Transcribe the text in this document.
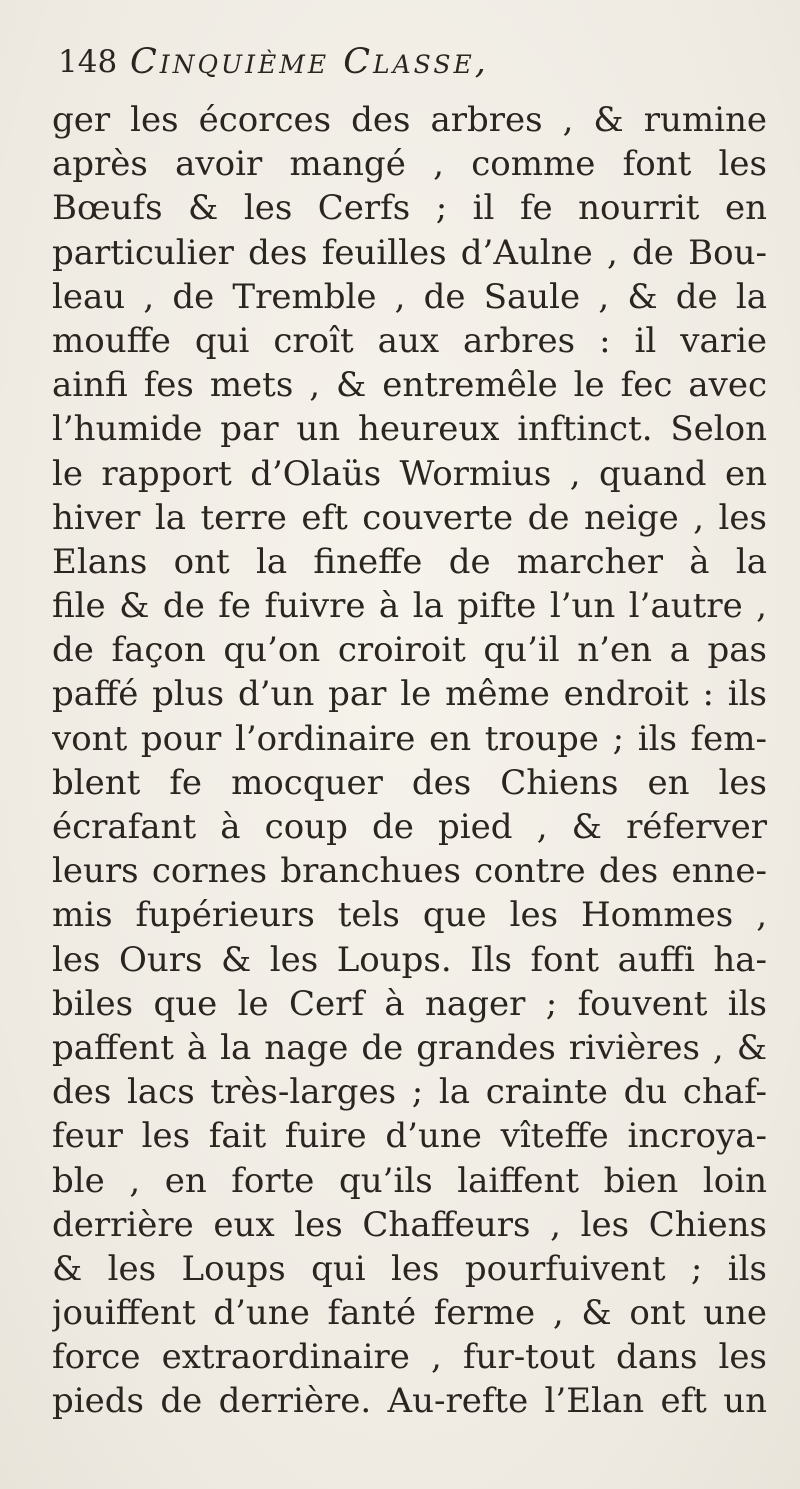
148 Cinquième Classe,
ger les écorces des arbres , & rumine
après avoir mangé , comme font les
Bœufs & les Cerfs ; il fe nourrit en
particulier des feuilles d’Aulne , de Bou-
leau , de Tremble , de Saule , & de la
mouffe qui croît aux arbres : il varie
ainfi fes mets , & entremêle le fec avec
l’humide par un heureux inftinct. Selon
le rapport d’Olaüs Wormius , quand en
hiver la terre eft couverte de neige , les
Elans ont la fineffe de marcher à la
file & de fe fuivre à la pifte l’un l’autre ,
de façon qu’on croiroit qu’il n’en a pas
paffé plus d’un par le même endroit : ils
vont pour l’ordinaire en troupe ; ils fem-
blent fe mocquer des Chiens en les
écrafant à coup de pied , & réferver
leurs cornes branchues contre des enne-
mis fupérieurs tels que les Hommes ,
les Ours & les Loups. Ils font auffi ha-
biles que le Cerf à nager ; fouvent ils
paffent à la nage de grandes rivières , &
des lacs très-larges ; la crainte du chaf-
feur les fait fuire d’une vîteffe incroya-
ble , en forte qu’ils laiffent bien loin
derrière eux les Chaffeurs , les Chiens
& les Loups qui les pourfuivent ; ils
jouiffent d’une fanté ferme , & ont une
force extraordinaire , fur-tout dans les
pieds de derrière. Au-refte l’Elan eft un
